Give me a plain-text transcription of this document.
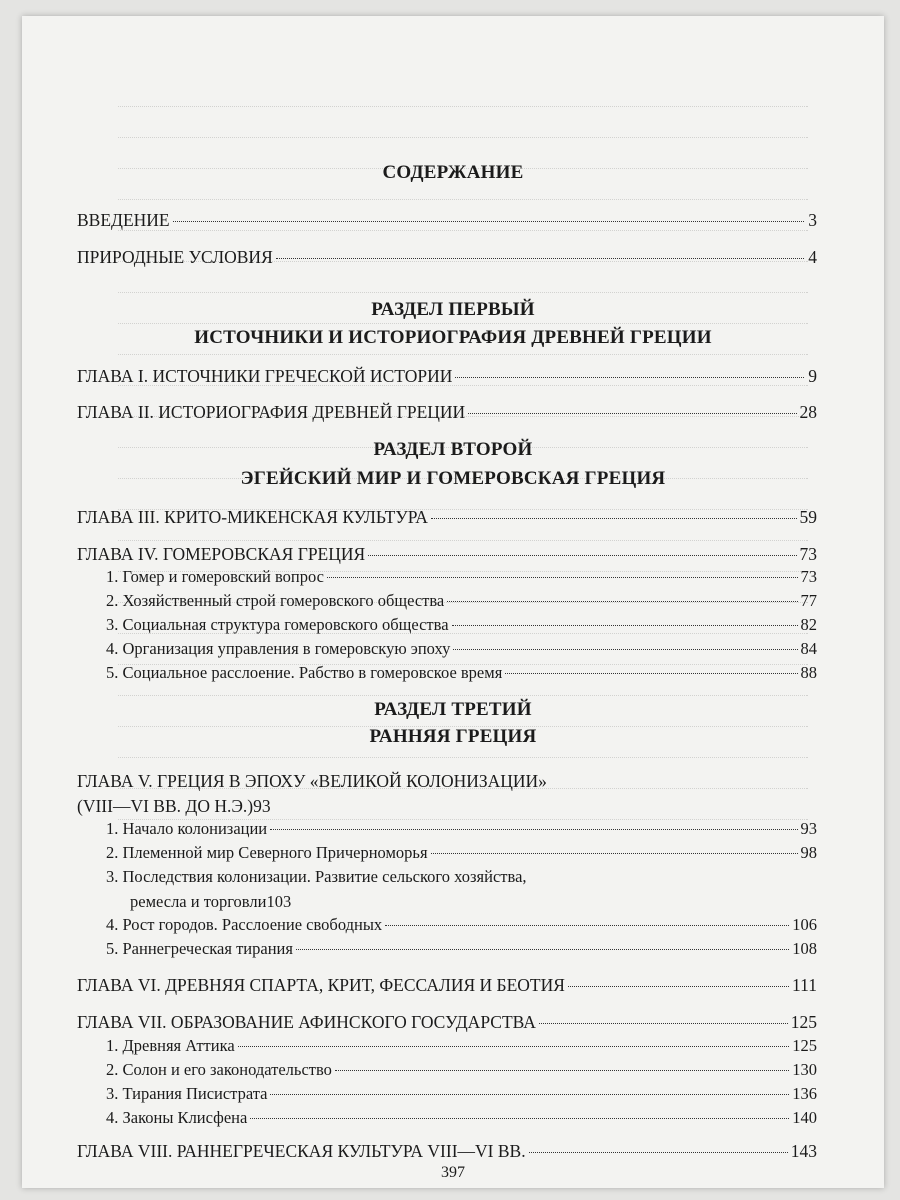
СОДЕРЖАНИЕ
ВВЕДЕНИЕ	3
ПРИРОДНЫЕ УСЛОВИЯ	4
РАЗДЕЛ ПЕРВЫЙ
ИСТОЧНИКИ И ИСТОРИОГРАФИЯ ДРЕВНЕЙ ГРЕЦИИ
ГЛАВА I. ИСТОЧНИКИ ГРЕЧЕСКОЙ ИСТОРИИ	9
ГЛАВА II. ИСТОРИОГРАФИЯ ДРЕВНЕЙ ГРЕЦИИ	28
РАЗДЕЛ ВТОРОЙ
ЭГЕЙСКИЙ МИР И ГОМЕРОВСКАЯ ГРЕЦИЯ
ГЛАВА III. КРИТО-МИКЕНСКАЯ КУЛЬТУРА	59
ГЛАВА IV. ГОМЕРОВСКАЯ ГРЕЦИЯ	73
1. Гомер и гомеровский вопрос	73
2. Хозяйственный строй гомеровского общества	77
3. Социальная структура гомеровского общества	82
4. Организация управления в гомеровскую эпоху	84
5. Социальное расслоение. Рабство в гомеровское время	88
РАЗДЕЛ ТРЕТИЙ
РАННЯЯ ГРЕЦИЯ
ГЛАВА V. ГРЕЦИЯ В ЭПОХУ «ВЕЛИКОЙ КОЛОНИЗАЦИИ»
(VIII—VI ВВ. ДО Н.Э.) 93
1. Начало колонизации	93
2. Племенной мир Северного Причерноморья	98
3. Последствия колонизации. Развитие сельского хозяйства,
ремесла и торговли 103
4. Рост городов. Расслоение свободных	106
5. Раннегреческая тирания	108
ГЛАВА VI. ДРЕВНЯЯ СПАРТА, КРИТ, ФЕССАЛИЯ И БЕОТИЯ	111
ГЛАВА VII. ОБРАЗОВАНИЕ АФИНСКОГО ГОСУДАРСТВА	125
1. Древняя Аттика	125
2. Солон и его законодательство	130
3. Тирания Писистрата	136
4. Законы Клисфена	140
ГЛАВА VIII. РАННЕГРЕЧЕСКАЯ КУЛЬТУРА VIII—VI ВВ.	143
397
